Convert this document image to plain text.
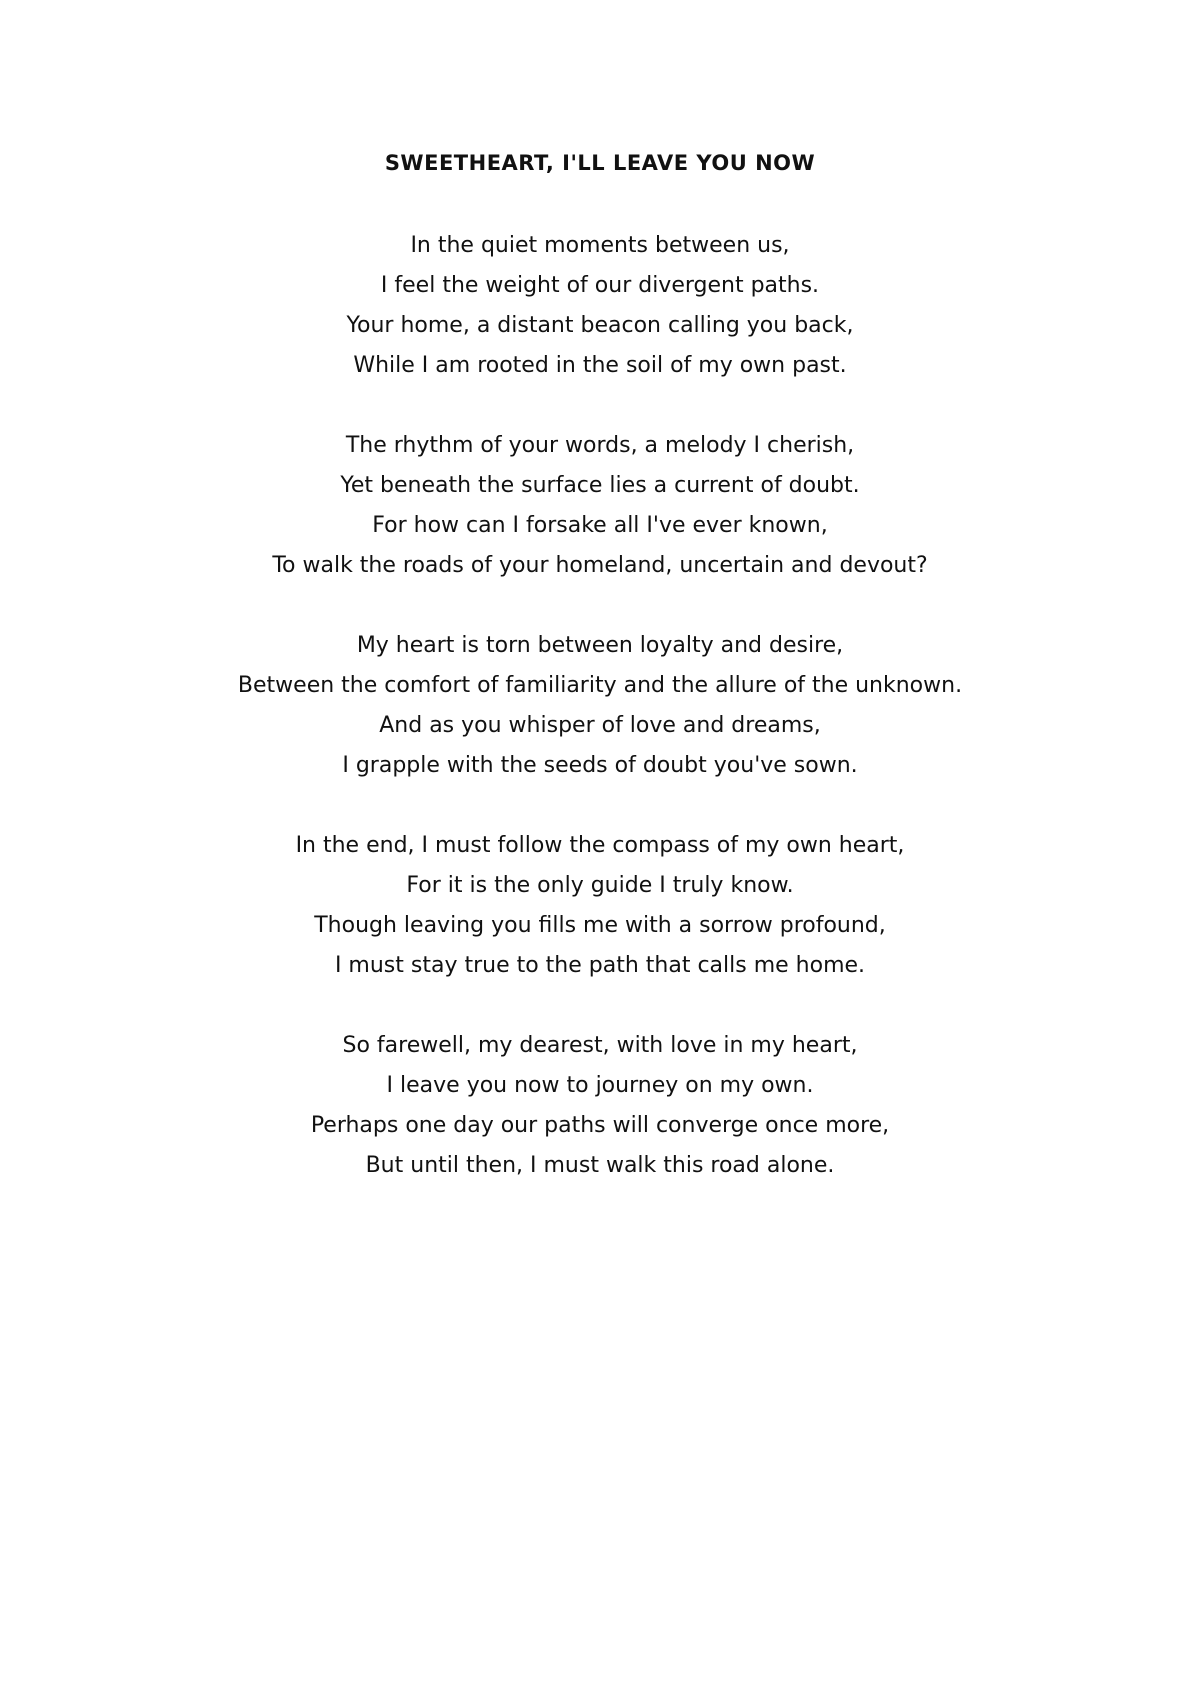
SWEETHEART, I'LL LEAVE YOU NOW
In the quiet moments between us,
I feel the weight of our divergent paths.
Your home, a distant beacon calling you back,
While I am rooted in the soil of my own past.
The rhythm of your words, a melody I cherish,
Yet beneath the surface lies a current of doubt.
For how can I forsake all I've ever known,
To walk the roads of your homeland, uncertain and devout?
My heart is torn between loyalty and desire,
Between the comfort of familiarity and the allure of the unknown.
And as you whisper of love and dreams,
I grapple with the seeds of doubt you've sown.
In the end, I must follow the compass of my own heart,
For it is the only guide I truly know.
Though leaving you fills me with a sorrow profound,
I must stay true to the path that calls me home.
So farewell, my dearest, with love in my heart,
I leave you now to journey on my own.
Perhaps one day our paths will converge once more,
But until then, I must walk this road alone.
